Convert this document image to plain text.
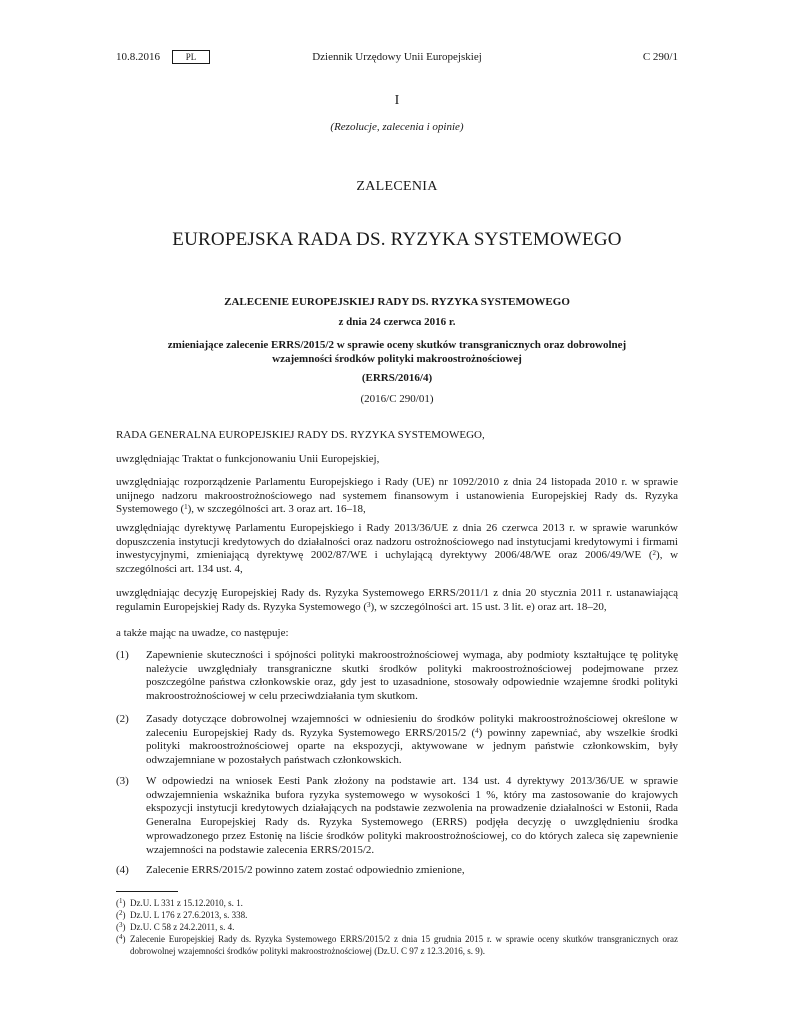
Dziennik Urzędowy Unii Europejskiej
10.8.2016	PL	C 290/1
I
(Rezolucje, zalecenia i opinie)
ZALECENIA
EUROPEJSKA RADA DS. RYZYKA SYSTEMOWEGO
ZALECENIE EUROPEJSKIEJ RADY DS. RYZYKA SYSTEMOWEGO
z dnia 24 czerwca 2016 r.
zmieniające zalecenie ERRS/2015/2 w sprawie oceny skutków transgranicznych oraz dobrowolnej
wzajemności środków polityki makroostrożnościowej
(ERRS/2016/4)
(2016/C 290/01)
RADA GENERALNA EUROPEJSKIEJ RADY DS. RYZYKA SYSTEMOWEGO,
uwzględniając Traktat o funkcjonowaniu Unii Europejskiej,
uwzględniając rozporządzenie Parlamentu Europejskiego i Rady (UE) nr 1092/2010 z dnia 24 listopada 2010 r. w sprawie unijnego nadzoru makroostrożnościowego nad systemem finansowym i ustanowienia Europejskiej Rady ds. Ryzyka Systemowego ($^1$), w szczególności art. 3 oraz art. 16–18,
uwzględniając dyrektywę Parlamentu Europejskiego i Rady 2013/36/UE z dnia 26 czerwca 2013 r. w sprawie warunków dopuszczenia instytucji kredytowych do działalności oraz nadzoru ostrożnościowego nad instytucjami kredytowymi i firmami inwestycyjnymi, zmieniającą dyrektywę 2002/87/WE i uchylającą dyrektywy 2006/48/WE oraz 2006/49/WE ($^2$), w szczególności art. 134 ust. 4,
uwzględniając decyzję Europejskiej Rady ds. Ryzyka Systemowego ERRS/2011/1 z dnia 20 stycznia 2011 r. ustanawiającą regulamin Europejskiej Rady ds. Ryzyka Systemowego ($^3$), w szczególności art. 15 ust. 3 lit. e) oraz art. 18–20,
a także mając na uwadze, co następuje:
(1) Zapewnienie skuteczności i spójności polityki makroostrożnościowej wymaga, aby podmioty kształtujące tę politykę należycie uwzględniały transgraniczne skutki środków polityki makroostrożnościowej podejmowane przez poszczególne państwa członkowskie oraz, gdy jest to uzasadnione, stosowały odpowiednie wzajemne środki polityki makroostrożnościowej w celu przeciwdziałania tym skutkom.
(2) Zasady dotyczące dobrowolnej wzajemności w odniesieniu do środków polityki makroostrożnościowej określone w zaleceniu Europejskiej Rady ds. Ryzyka Systemowego ERRS/2015/2 ($^4$) powinny zapewniać, aby wszelkie środki polityki makroostrożnościowej oparte na ekspozycji, aktywowane w jednym państwie członkowskim, były odwzajemniane w pozostałych państwach członkowskich.
(3) W odpowiedzi na wniosek Eesti Pank złożony na podstawie art. 134 ust. 4 dyrektywy 2013/36/UE w sprawie odwzajemnienia wskaźnika bufora ryzyka systemowego w wysokości 1 %, który ma zastosowanie do krajowych ekspozycji instytucji kredytowych działających na podstawie zezwolenia na prowadzenie działalności w Estonii, Rada Generalna Europejskiej Rady ds. Ryzyka Systemowego (ERRS) podjęła decyzję o uwzględnieniu środka wprowadzonego przez Estonię na liście środków polityki makroostrożnościowej, co do których zaleca się zapewnienie wzajemności na podstawie zalecenia ERRS/2015/2.
(4) Zalecenie ERRS/2015/2 powinno zatem zostać odpowiednio zmienione,
($^1$) Dz.U. L 331 z 15.12.2010, s. 1.
($^2$) Dz.U. L 176 z 27.6.2013, s. 338.
($^3$) Dz.U. C 58 z 24.2.2011, s. 4.
($^4$) Zalecenie Europejskiej Rady ds. Ryzyka Systemowego ERRS/2015/2 z dnia 15 grudnia 2015 r. w sprawie oceny skutków transgranicznych oraz dobrowolnej wzajemności środków polityki makroostrożnościowej (Dz.U. C 97 z 12.3.2016, s. 9).
